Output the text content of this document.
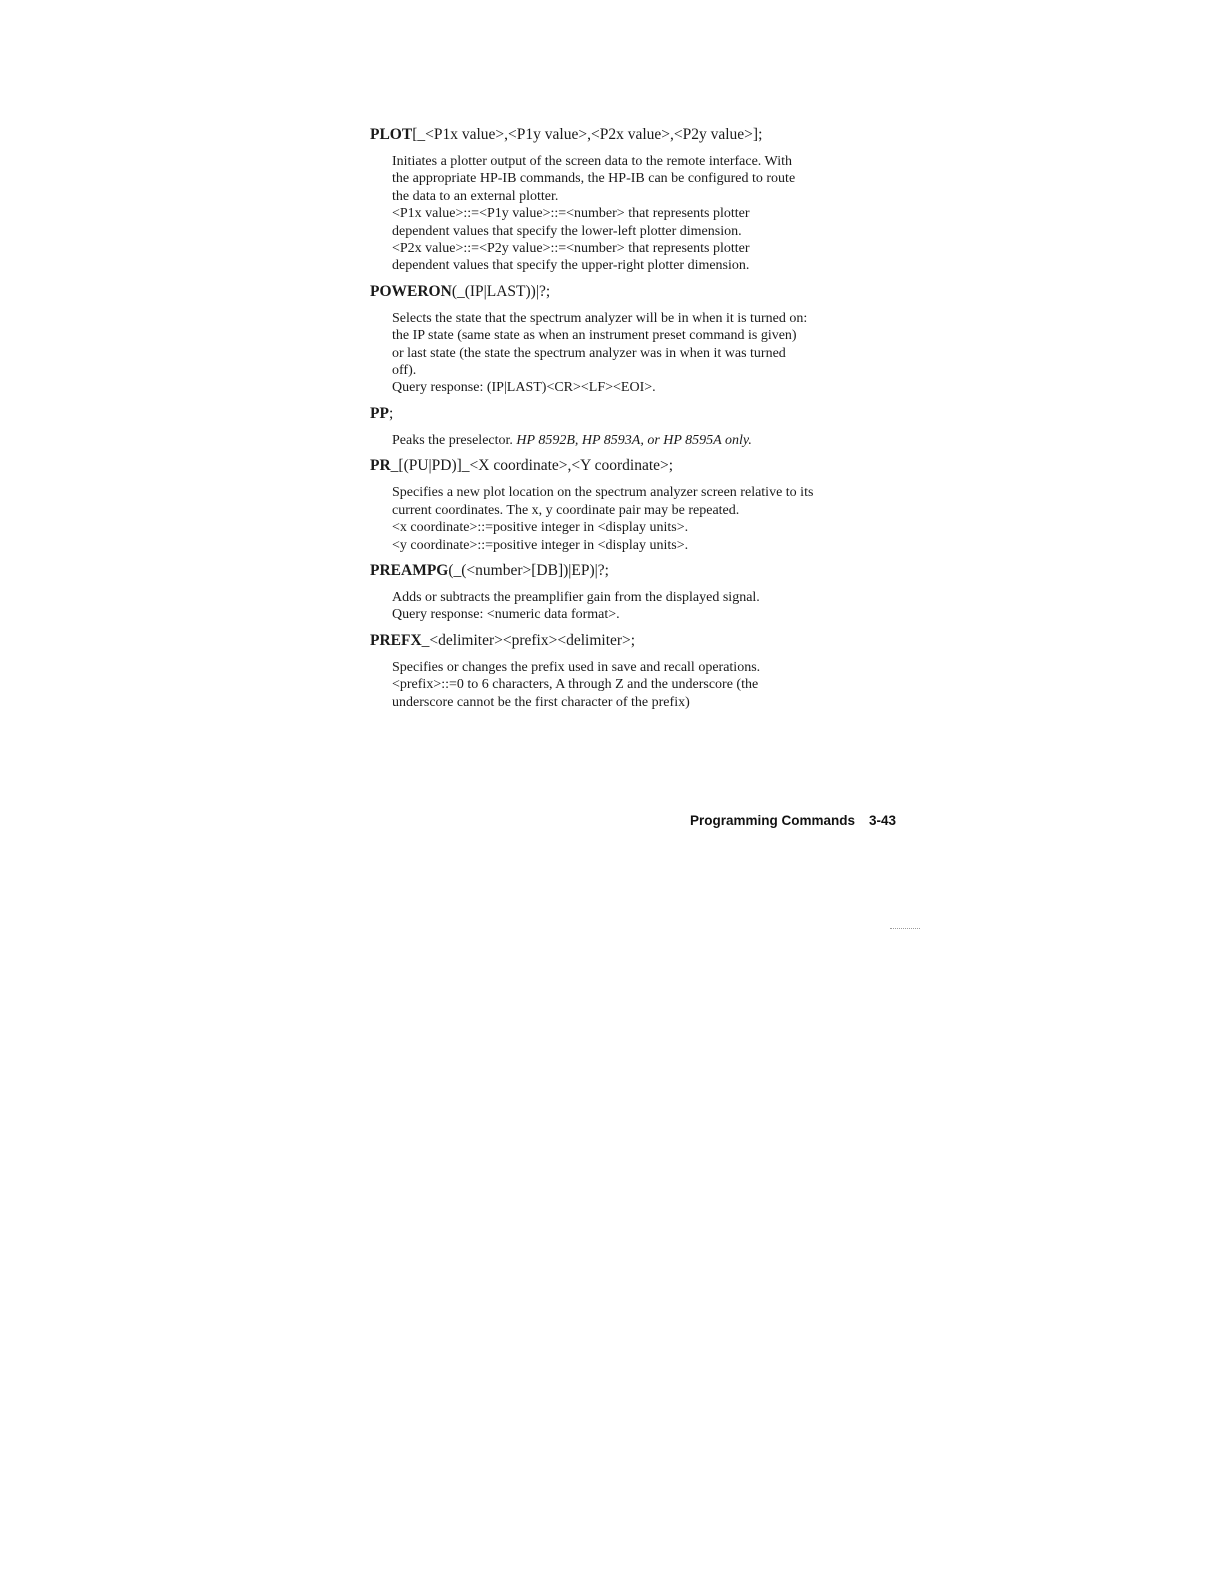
PLOT[_<P1x value>,<P1y value>,<P2x value>,<P2y value>];

Initiates a plotter output of the screen data to the remote interface. With

the appropriate HP-IB commands, the HP-IB can be configured to route

the data to an external plotter.

<P1x value>::=<P1y value>::=<number> that represents plotter

dependent values that specify the lower-left plotter dimension.

<P2x value>::=<P2y value>::=<number> that represents plotter

dependent values that specify the upper-right plotter dimension.

POWERON(_(IP|LAST))|?;

Selects the state that the spectrum analyzer will be in when it is turned on:

the IP state (same state as when an instrument preset command is given)

or last state (the state the spectrum analyzer was in when it was turned

off).

Query response: (IP|LAST)<CR><LF><EOI>.

PP;

Peaks the preselector. HP 8592B, HP 8593A, or HP 8595A only.

PR_[(PU|PD)]_<X coordinate>,<Y coordinate>;

Specifies a new plot location on the spectrum analyzer screen relative to its

current coordinates. The x, y coordinate pair may be repeated.

<x coordinate>::=positive integer in <display units>.

<y coordinate>::=positive integer in <display units>.

PREAMPG(_(<number>[DB])|EP)|?;

Adds or subtracts the preamplifier gain from the displayed signal.

Query response: <numeric data format>.

PREFX_<delimiter><prefix><delimiter>;

Specifies or changes the prefix used in save and recall operations.

<prefix>::=0 to 6 characters, A through Z and the underscore (the

underscore cannot be the first character of the prefix)

Programming Commands 3-43
